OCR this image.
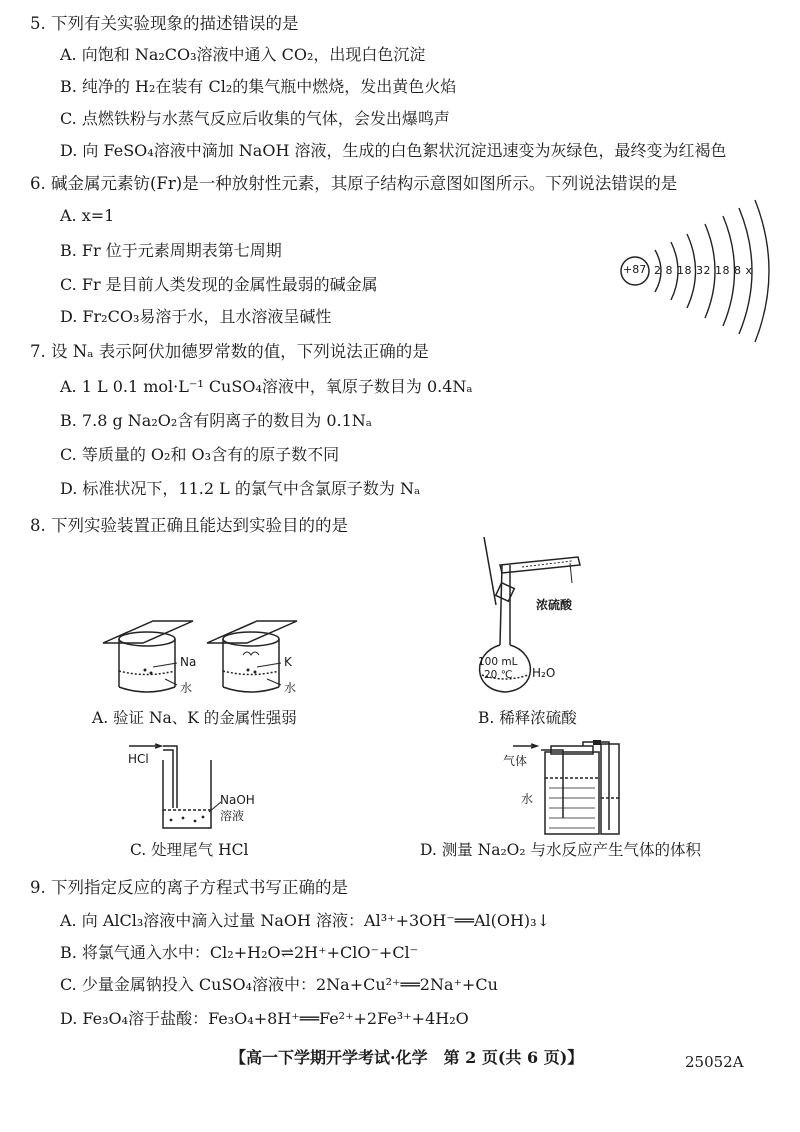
5. 下列有关实验现象的描述错误的是
A. 向饱和 Na₂CO₃溶液中通入 CO₂，出现白色沉淀
B. 纯净的 H₂在装有 Cl₂的集气瓶中燃烧，发出黄色火焰
C. 点燃铁粉与水蒸气反应后收集的气体，会发出爆鸣声
D. 向 FeSO₄溶液中滴加 NaOH 溶液，生成的白色絮状沉淀迅速变为灰绿色，最终变为红褐色
6. 碱金属元素钫(Fr)是一种放射性元素，其原子结构示意图如图所示。下列说法错误的是
A. x=1
B. Fr 位于元素周期表第七周期
C. Fr 是目前人类发现的金属性最弱的碱金属
D. Fr₂CO₃易溶于水，且水溶液呈碱性
+87 2 8 18 32 18 8 x
7. 设 Nₐ 表示阿伏加德罗常数的值，下列说法正确的是
A. 1 L 0.1 mol·L⁻¹ CuSO₄溶液中，氧原子数目为 0.4Nₐ
B. 7.8 g Na₂O₂含有阴离子的数目为 0.1Nₐ
C. 等质量的 O₂和 O₃含有的原子数不同
D. 标准状况下，11.2 L 的氯气中含氯原子数为 Nₐ
8. 下列实验装置正确且能达到实验目的的是
Na
水
K
水
A. 验证 Na、K 的金属性强弱
浓硫酸
100 mL
20 ℃ H₂O
B. 稀释浓硫酸
HCl
NaOH
溶液
C. 处理尾气 HCl
气体
水
D. 测量 Na₂O₂ 与水反应产生气体的体积
9. 下列指定反应的离子方程式书写正确的是
A. 向 AlCl₃溶液中滴入过量 NaOH 溶液：Al³⁺+3OH⁻══Al(OH)₃↓
B. 将氯气通入水中：Cl₂+H₂O⇌2H⁺+ClO⁻+Cl⁻
C. 少量金属钠投入 CuSO₄溶液中：2Na+Cu²⁺══2Na⁺+Cu
D. Fe₃O₄溶于盐酸：Fe₃O₄+8H⁺══Fe²⁺+2Fe³⁺+4H₂O
【高一下学期开学考试·化学　第 2 页(共 6 页)】	25052A
